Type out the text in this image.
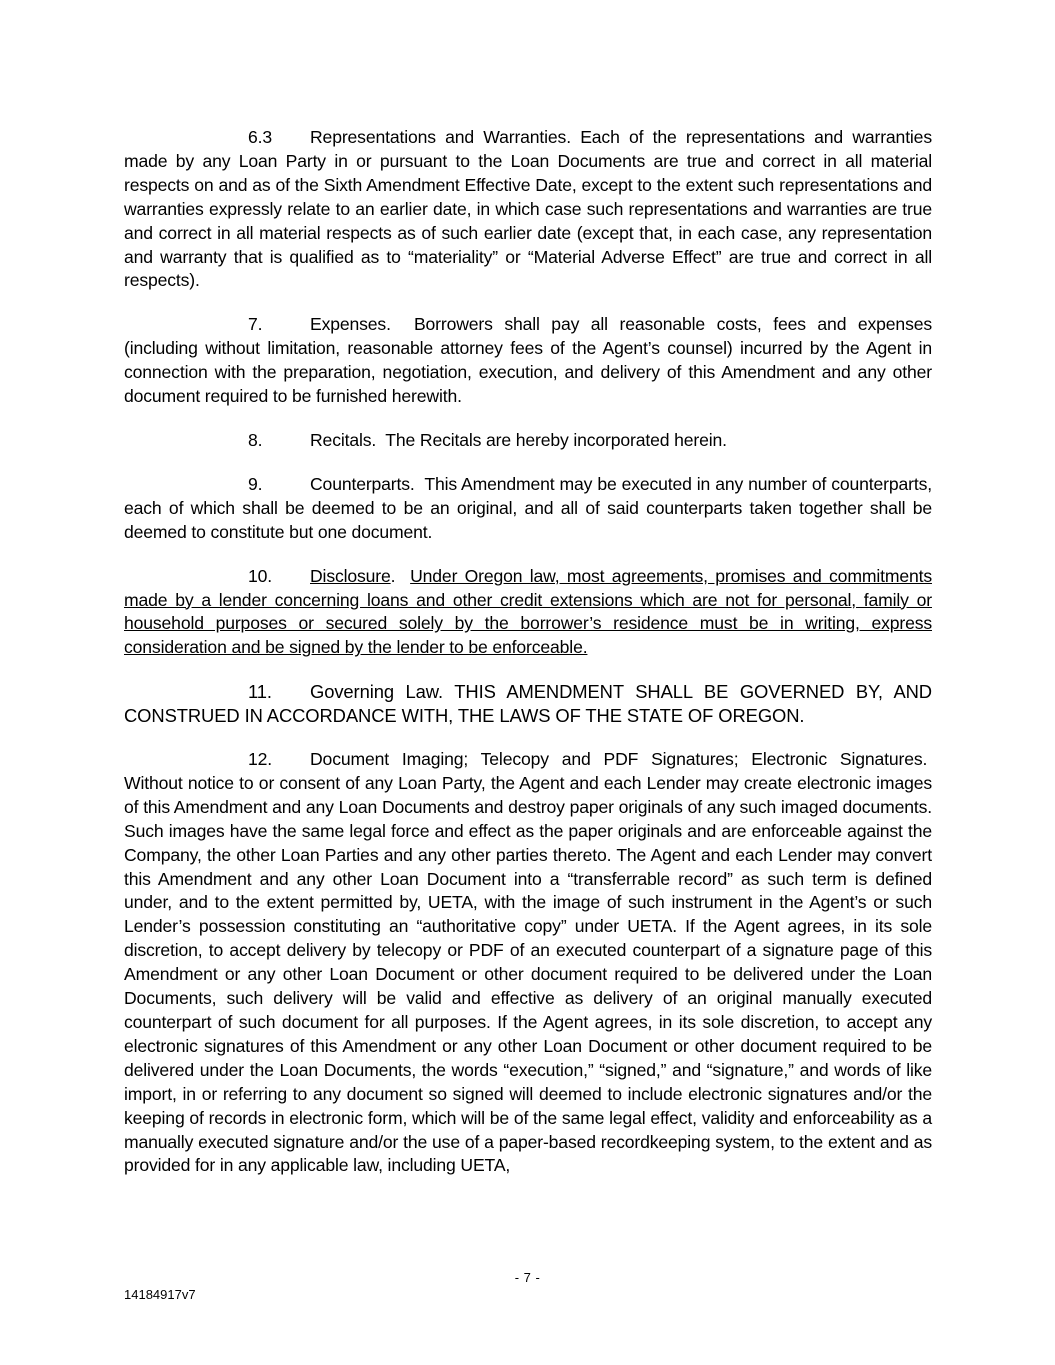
6.3 Representations and Warranties. Each of the representations and warranties made by any Loan Party in or pursuant to the Loan Documents are true and correct in all material respects on and as of the Sixth Amendment Effective Date, except to the extent such representations and warranties expressly relate to an earlier date, in which case such representations and warranties are true and correct in all material respects as of such earlier date (except that, in each case, any representation and warranty that is qualified as to “materiality” or “Material Adverse Effect” are true and correct in all respects).

7.	Expenses. Borrowers shall pay all reasonable costs, fees and expenses (including without limitation, reasonable attorney fees of the Agent’s counsel) incurred by the Agent in connection with the preparation, negotiation, execution, and delivery of this Amendment and any other document required to be furnished herewith.

8.	Recitals. The Recitals are hereby incorporated herein.

9.	Counterparts. This Amendment may be executed in any number of counterparts, each of which shall be deemed to be an original, and all of said counterparts taken together shall be deemed to constitute but one document.

10. Disclosure. Under Oregon law, most agreements, promises and commitments made by a lender concerning loans and other credit extensions which are not for personal, family or household purposes or secured solely by the borrower’s residence must be in writing, express consideration and be signed by the lender to be enforceable.

11. Governing Law. THIS AMENDMENT SHALL BE GOVERNED BY, AND CONSTRUED IN ACCORDANCE WITH, THE LAWS OF THE STATE OF OREGON.

12. Document Imaging; Telecopy and PDF Signatures; Electronic Signatures.  Without notice to or consent of any Loan Party, the Agent and each Lender may create electronic images of this Amendment and any Loan Documents and destroy paper originals of any such imaged documents. Such images have the same legal force and effect as the paper originals and are enforceable against the Company, the other Loan Parties and any other parties thereto. The Agent and each Lender may convert this Amendment and any other Loan Document into a “transferrable record” as such term is defined under, and to the extent permitted by, UETA, with the image of such instrument in the Agent’s or such Lender’s possession constituting an “authoritative copy” under UETA. If the Agent agrees, in its sole discretion, to accept delivery by telecopy or PDF of an executed counterpart of a signature page of this Amendment or any other Loan Document or other document required to be delivered under the Loan Documents, such delivery will be valid and effective as delivery of an original manually executed counterpart of such document for all purposes. If the Agent agrees, in its sole discretion, to accept any electronic signatures of this Amendment or any other Loan Document or other document required to be delivered under the Loan Documents, the words “execution,” “signed,” and “signature,” and words of like import, in or referring to any document so signed will deemed to include electronic signatures and/or the keeping of records in electronic form, which will be of the same legal effect, validity and enforceability as a manually executed signature and/or the use of a paper-based recordkeeping system, to the extent and as provided for in any applicable law, including UETA,

- 7 -
14184917v7
